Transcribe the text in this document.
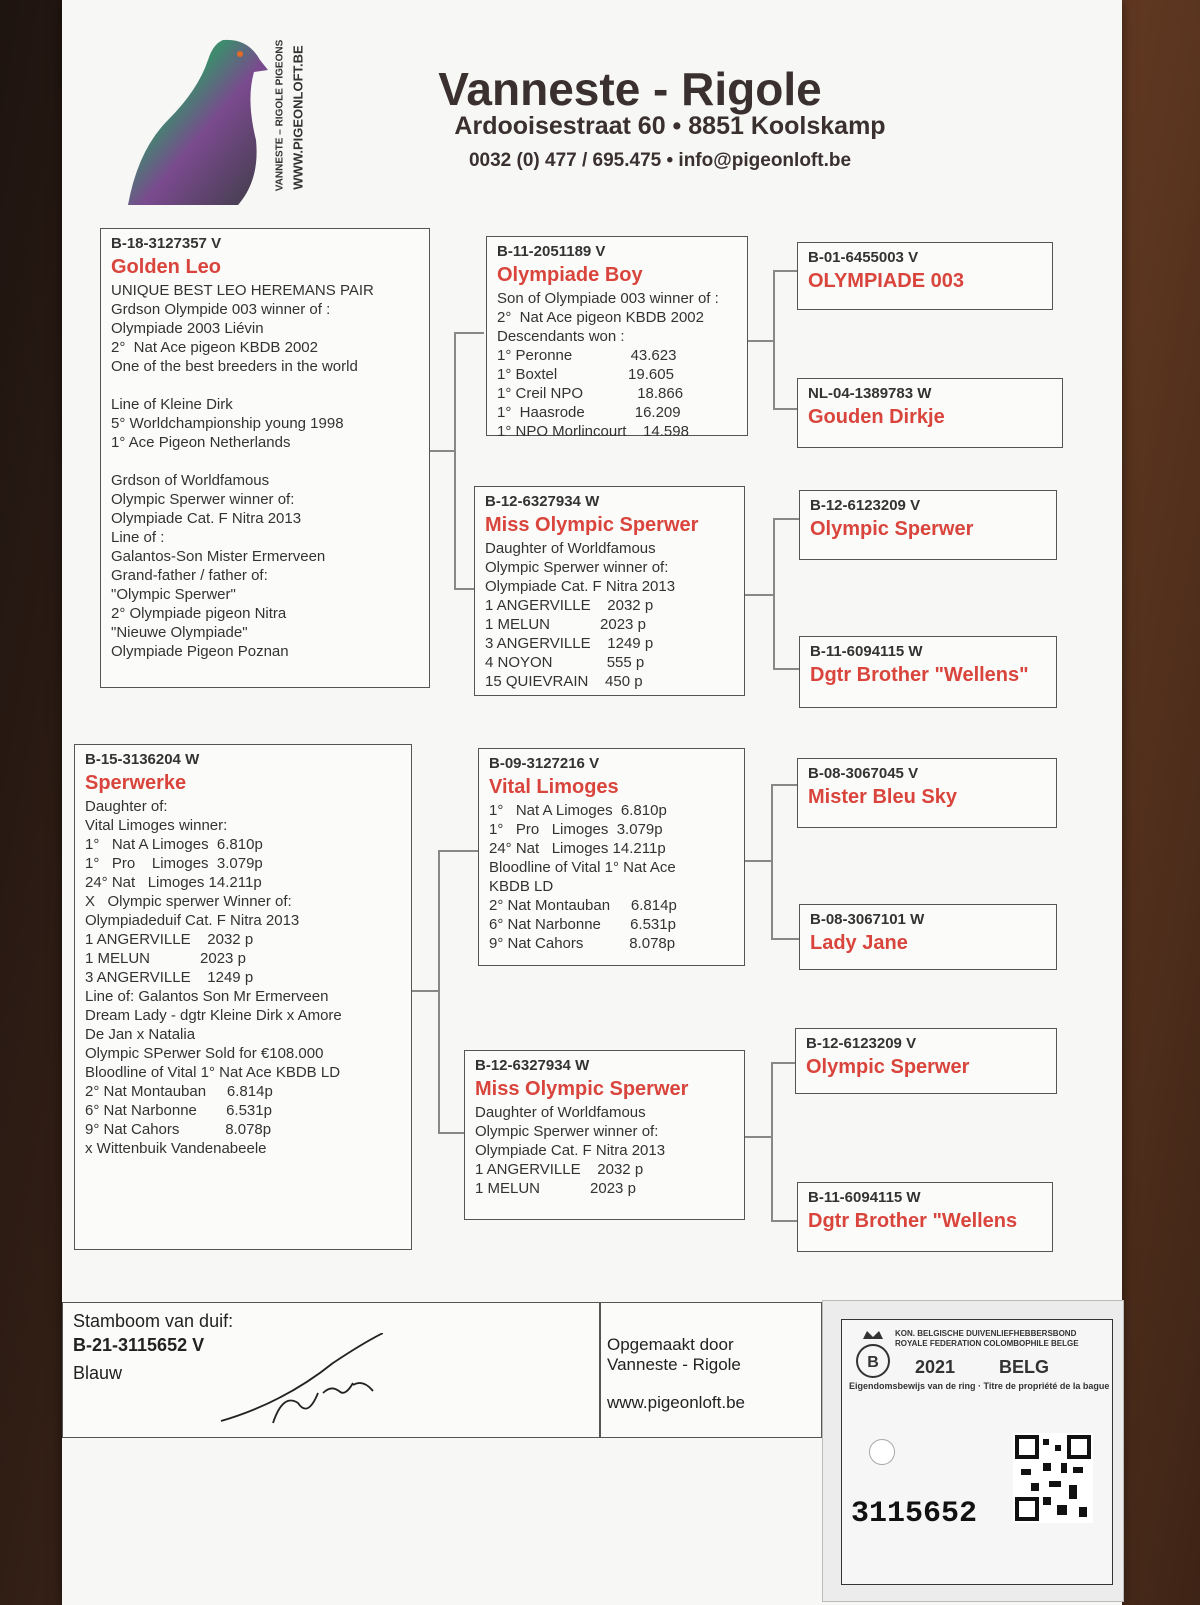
VANNESTE – RIGOLE PIGEONS WWW.PIGEONLOFT.BE	Vanneste - Rigole
Ardooisestraat 60 • 8851 Koolskamp
0032 (0) 477 / 695.475 • info@pigeonloft.be
B-18-3127357 V
Golden Leo
UNIQUE BEST LEO HEREMANS PAIR
Grdson Olympide 003 winner of :
Olympiade 2003 Liévin
2°  Nat Ace pigeon KBDB 2002
One of the best breeders in the world
Line of Kleine Dirk
5° Worldchampionship young 1998
1° Ace Pigeon Netherlands
Grdson of Worldfamous
Olympic Sperwer winner of:
Olympiade Cat. F Nitra 2013
Line of :
Galantos-Son Mister Ermerveen
Grand-father / father of:
"Olympic Sperwer"
2° Olympiade pigeon Nitra
"Nieuwe Olympiade"
Olympiade Pigeon Poznan
B-15-3136204 W
Sperwerke
Daughter of:
Vital Limoges winner:
1°   Nat A Limoges  6.810p
1°   Pro    Limoges  3.079p
24° Nat   Limoges 14.211p
X   Olympic sperwer Winner of:
Olympiadeduif Cat. F Nitra 2013
1 ANGERVILLE    2032 p
1 MELUN            2023 p
3 ANGERVILLE    1249 p
Line of: Galantos Son Mr Ermerveen
Dream Lady - dgtr Kleine Dirk x Amore
De Jan x Natalia
Olympic SPerwer Sold for €108.000
Bloodline of Vital 1° Nat Ace KBDB LD
2° Nat Montauban     6.814p
6° Nat Narbonne       6.531p
9° Nat Cahors           8.078p
x Wittenbuik Vandenabeele
B-11-2051189 V
Olympiade Boy
Son of Olympiade 003 winner of :
2°  Nat Ace pigeon KBDB 2002
Descendants won :
1° Peronne              43.623
1° Boxtel                 19.605
1° Creil NPO             18.866
1°  Haasrode            16.209
1° NPO Morlincourt    14.598
B-12-6327934 W
Miss Olympic Sperwer
Daughter of Worldfamous
Olympic Sperwer winner of:
Olympiade Cat. F Nitra 2013
1 ANGERVILLE    2032 p
1 MELUN            2023 p
3 ANGERVILLE    1249 p
4 NOYON             555 p
15 QUIEVRAIN    450 p
B-09-3127216 V
Vital Limoges
1°   Nat A Limoges  6.810p
1°   Pro   Limoges  3.079p
24° Nat   Limoges 14.211p
Bloodline of Vital 1° Nat Ace
KBDB LD
2° Nat Montauban     6.814p
6° Nat Narbonne       6.531p
9° Nat Cahors           8.078p
B-12-6327934 W
Miss Olympic Sperwer
Daughter of Worldfamous
Olympic Sperwer winner of:
Olympiade Cat. F Nitra 2013
1 ANGERVILLE    2032 p
1 MELUN            2023 p
B-01-6455003 V
OLYMPIADE 003
NL-04-1389783 W
Gouden Dirkje
B-12-6123209 V
Olympic Sperwer
B-11-6094115 W
Dgtr Brother "Wellens"
B-08-3067045 V
Mister Bleu Sky
B-08-3067101 W
Lady Jane
B-12-6123209 V
Olympic Sperwer
B-11-6094115 W
Dgtr Brother "Wellens
Stamboom van duif:
B-21-3115652 V
Blauw
Opgemaakt door
Vanneste - Rigole
www.pigeonloft.be
B
KON. BELGISCHE DUIVENLIEFHEBBERSBOND
ROYALE FEDERATION COLOMBOPHILE BELGE
2021 BELG
Eigendomsbewijs van de ring · Titre de propriété de la bague
3115652
